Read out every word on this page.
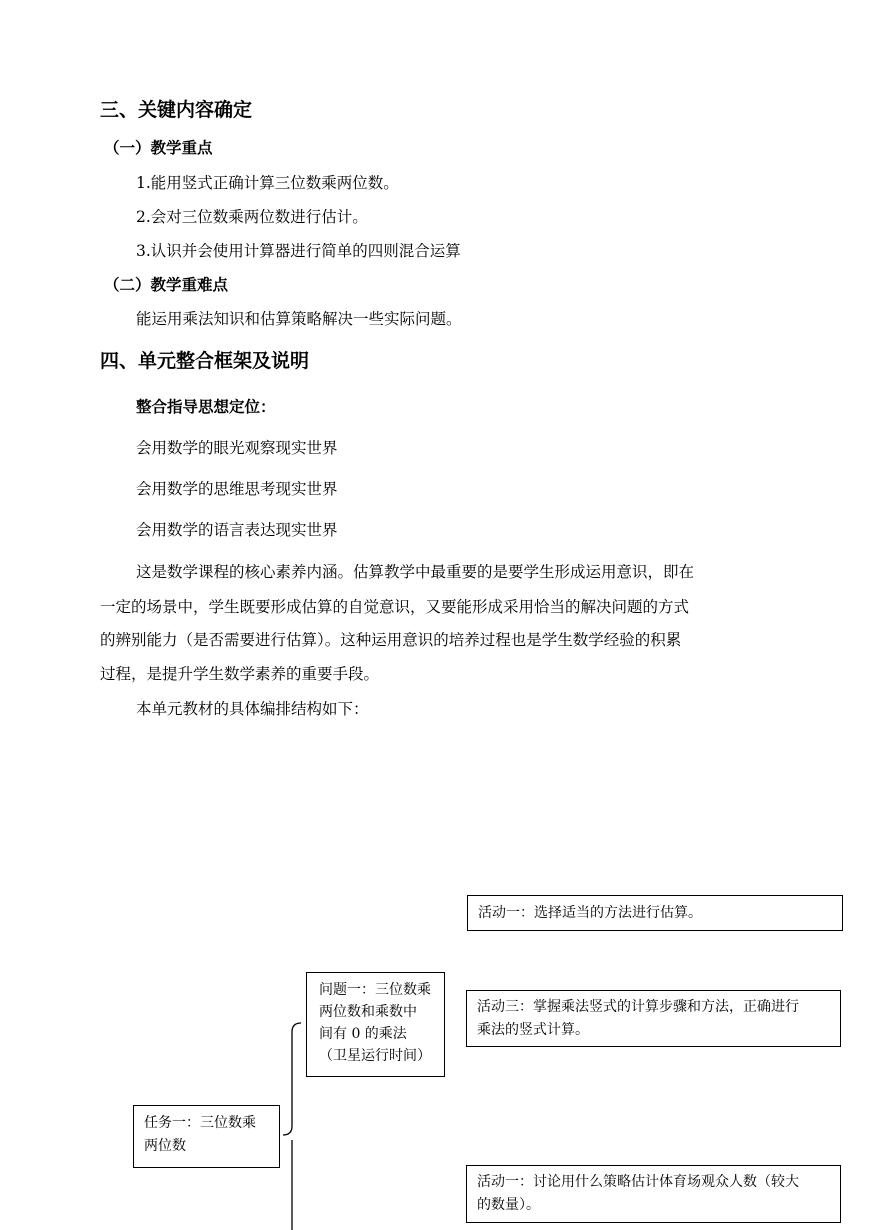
三、关键内容确定
（一）教学重点
1.能用竖式正确计算三位数乘两位数。
2.会对三位数乘两位数进行估计。
3.认识并会使用计算器进行简单的四则混合运算
（二）教学重难点
能运用乘法知识和估算策略解决一些实际问题。
四、单元整合框架及说明
整合指导思想定位：
会用数学的眼光观察现实世界
会用数学的思维思考现实世界
会用数学的语言表达现实世界
这是数学课程的核心素养内涵。估算教学中最重要的是要学生形成运用意识，即在
一定的场景中，学生既要形成估算的自觉意识，又要能形成采用恰当的解决问题的方式
的辨别能力（是否需要进行估算）。这种运用意识的培养过程也是学生数学经验的积累
过程，是提升学生数学素养的重要手段。
本单元教材的具体编排结构如下：
活动一：选择适当的方法进行估算。
问题一：三位数乘
两位数和乘数中
间有 0 的乘法
（卫星运行时间）
活动三：掌握乘法竖式的计算步骤和方法，正确进行
乘法的竖式计算。
任务一：三位数乘
两位数
活动一：讨论用什么策略估计体育场观众人数（较大
的数量）。
